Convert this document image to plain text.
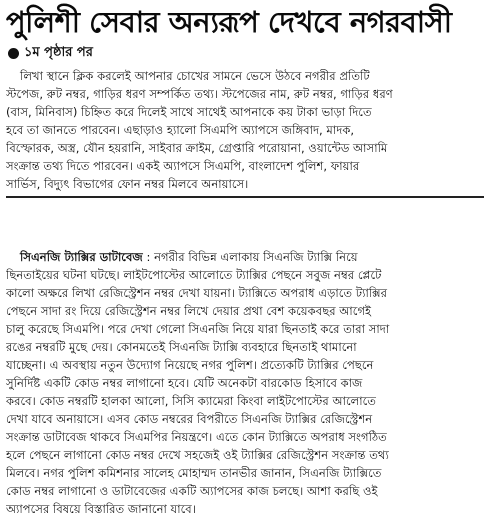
পুলিশী সেবার অন্যরূপ দেখবে নগরবাসী
১ম পৃষ্ঠার পর
লিখা স্থানে ক্লিক করলেই আপনার চোখের সামনে ভেসে উঠবে নগরীর প্রতিটি
স্টপেজ, রুট নম্বর, গাড়ির ধরণ সম্পর্কিত তথ্য। স্টপেজের নাম, রুট নম্বর, গাড়ির ধরণ
(বাস, মিনিবাস) চিহ্নিত করে দিলেই সাথে সাথেই আপনাকে কয় টাকা ভাড়া দিতে
হবে তা জানতে পারবেন। এছাড়াও হ্যালো সিএমপি অ্যাপসে জঙ্গিবাদ, মাদক,
বিস্ফোরক, অস্ত্র, যৌন হয়রানি, সাইবার ক্রাইম, গ্রেপ্তারি পরোয়ানা, ওয়ান্টেড আসামি
সংক্রান্ত তথ্য দিতে পারবেন। একই অ্যাপসে সিএমপি, বাংলাদেশ পুলিশ, ফায়ার
সার্ভিস, বিদ্যুৎ বিভাগের ফোন নম্বর মিলবে অনায়াসে।
সিএনজি ট্যাক্সির ডাটাবেজ : নগরীর বিভিন্ন এলাকায় সিএনজি ট্যাক্সি নিয়ে
ছিনতাইয়ের ঘটনা ঘটছে। লাইটপোস্টের আলোতে ট্যাক্সির পেছনে সবুজ নম্বর প্লেটে
কালো অক্ষরে লিখা রেজিস্ট্রেশন নম্বর দেখা যায়না। ট্যাক্সিতে অপরাধ এড়াতে ট্যাক্সির
পেছনে সাদা রং দিয়ে রেজিস্ট্রেশন নম্বর লিখে দেয়ার প্রথা বেশ কয়েকবছর আগেই
চালু করেছে সিএমপি। পরে দেখা গেলো সিএনজি নিয়ে যারা ছিনতাই করে তারা সাদা
রঙের নম্বরটি মুছে দেয়। কোনমতেই সিএনজি ট্যাক্সি ব্যবহারে ছিনতাই থামানো
যাচ্ছেনা। এ অবস্থায় নতুন উদ্যোগ নিয়েছে নগর পুলিশ। প্রত্যেকটি ট্যাক্সির পেছনে
সুনির্দিষ্ট একটি কোড নম্বর লাগানো হবে। যেটি অনেকটা বারকোড হিসাবে কাজ
করবে। কোড নম্বরটি হালকা আলো, সিসি ক্যামেরা কিংবা লাইটপোস্টের আলোতে
দেখা যাবে অনায়াসে। এসব কোড নম্বরের বিপরীতে সিএনজি ট্যাক্সির রেজিস্ট্রেশন
সংক্রান্ত ডাটাবেজ থাকবে সিএমপির নিয়ন্ত্রণে। এতে কোন ট্যাক্সিতে অপরাধ সংগঠিত
হলে পেছনে লাগানো কোড নম্বর দেখে সহজেই ওই ট্যাক্সির রেজিস্ট্রেশন সংক্রান্ত তথ্য
মিলবে। নগর পুলিশ কমিশনার সালেহ মোহাম্মদ তানভীর জানান, সিএনজি ট্যাক্সিতে
কোড নম্বর লাগানো ও ডাটাবেজের একটি অ্যাপসের কাজ চলছে। আশা করছি ওই
অ্যাপসের বিষয়ে বিস্তারিত জানানো যাবে।
